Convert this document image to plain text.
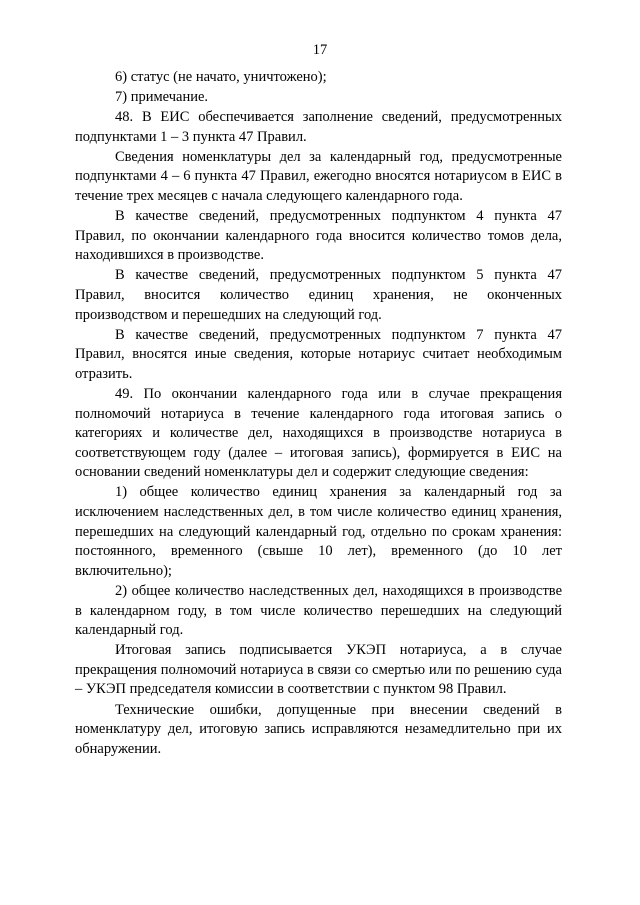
17

6) статус (не начато, уничтожено);

7) примечание.

48. В ЕИС обеспечивается заполнение сведений, предусмотренных подпунктами 1 – 3 пункта 47 Правил.

Сведения номенклатуры дел за календарный год, предусмотренные подпунктами 4 – 6 пункта 47 Правил, ежегодно вносятся нотариусом в ЕИС в течение трех месяцев с начала следующего календарного года.

В качестве сведений, предусмотренных подпунктом 4 пункта 47 Правил, по окончании календарного года вносится количество томов дела, находившихся в производстве.

В качестве сведений, предусмотренных подпунктом 5 пункта 47 Правил, вносится количество единиц хранения, не оконченных производством и перешедших на следующий год.

В качестве сведений, предусмотренных подпунктом 7 пункта 47 Правил, вносятся иные сведения, которые нотариус считает необходимым отразить.

49. По окончании календарного года или в случае прекращения полномочий нотариуса в течение календарного года итоговая запись о категориях и количестве дел, находящихся в производстве нотариуса в соответствующем году (далее – итоговая запись), формируется в ЕИС на основании сведений номенклатуры дел и содержит следующие сведения:

1) общее количество единиц хранения за календарный год за исключением наследственных дел, в том числе количество единиц хранения, перешедших на следующий календарный год, отдельно по срокам хранения: постоянного, временного (свыше 10 лет), временного (до 10 лет включительно);

2) общее количество наследственных дел, находящихся в производстве в календарном году, в том числе количество перешедших на следующий календарный год.

Итоговая запись подписывается УКЭП нотариуса, а в случае прекращения полномочий нотариуса в связи со смертью или по решению суда – УКЭП председателя комиссии в соответствии с пунктом 98 Правил.

Технические ошибки, допущенные при внесении сведений в номенклатуру дел, итоговую запись исправляются незамедлительно при их обнаружении.
